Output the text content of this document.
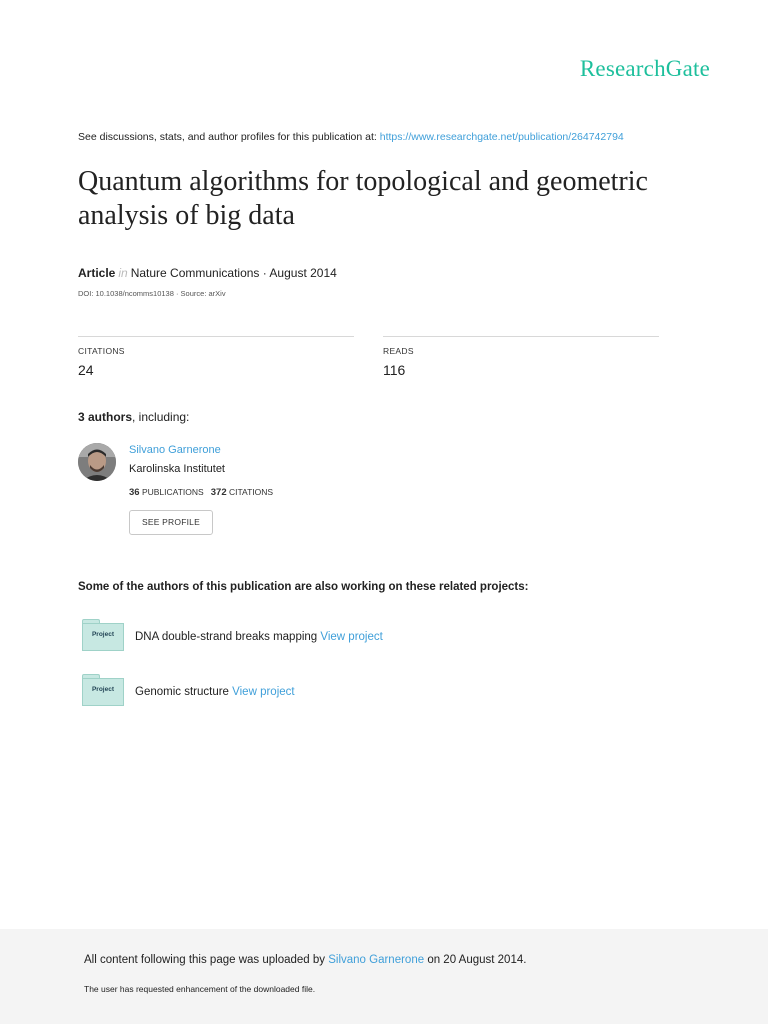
ResearchGate
See discussions, stats, and author profiles for this publication at: https://www.researchgate.net/publication/264742794
Quantum algorithms for topological and geometric analysis of big data
Article in Nature Communications · August 2014
DOI: 10.1038/ncomms10138 · Source: arXiv
CITATIONS
24
READS
116
3 authors, including:
Silvano Garnerone
Karolinska Institutet
36 PUBLICATIONS 372 CITATIONS
SEE PROFILE
Some of the authors of this publication are also working on these related projects:
Project	DNA double-strand breaks mapping View project
Project	Genomic structure View project
All content following this page was uploaded by Silvano Garnerone on 20 August 2014.
The user has requested enhancement of the downloaded file.
